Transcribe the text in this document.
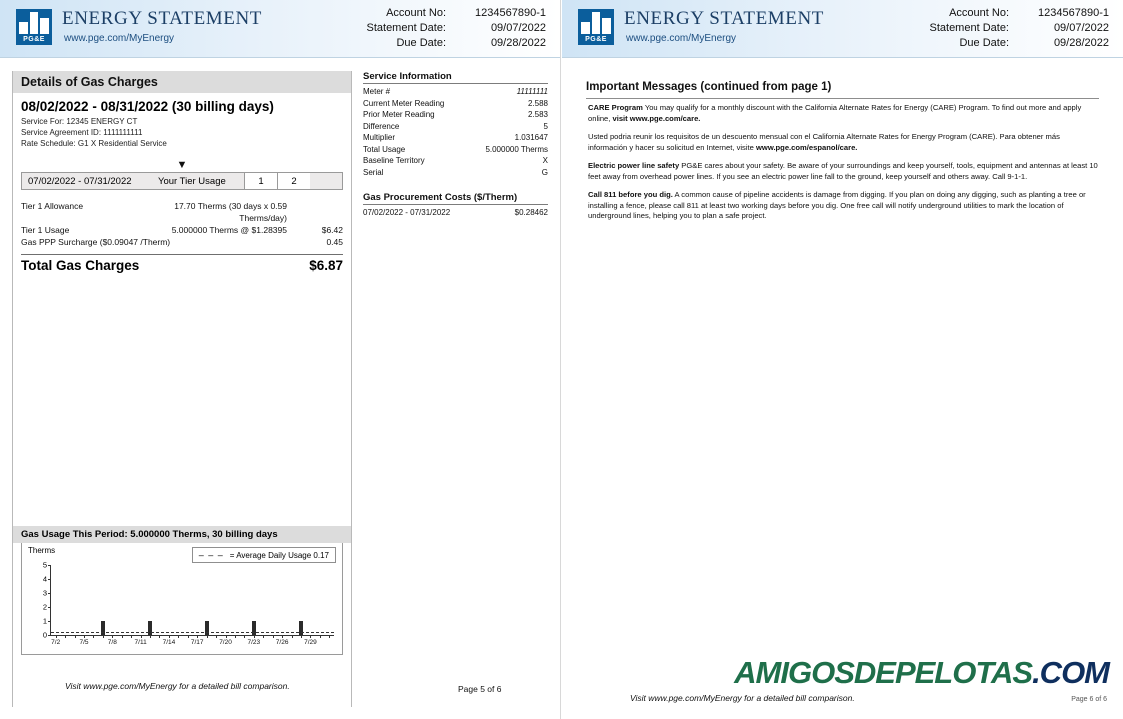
PG&E
ENERGY STATEMENT
www.pge.com/MyEnergy
Account No:	1234567890-1
Statement Date:	09/07/2022
Due Date:	09/28/2022
Details of Gas Charges
08/02/2022 - 08/31/2022 (30 billing days)
Service For: 12345 ENERGY CT
Service Agreement ID: 1111111111
Rate Schedule: G1 X Residential Service
▼
07/02/2022 - 07/31/2022	Your Tier Usage	1	2
Tier 1 Allowance	17.70 Therms (30 days x 0.59 Therms/day)
Tier 1 Usage	5.000000 Therms @ $1.28395	$6.42
Gas PPP Surcharge ($0.09047 /Therm)	0.45
Total Gas Charges	$6.87
Gas Usage This Period: 5.000000 Therms, 30 billing days
Therms	– – – = Average Daily Usage 0.17
0
1
2
3
4
5
7/2	7/5	7/8	7/11 7/14 7/17 7/20 7/23 7/26 7/29
Visit www.pge.com/MyEnergy for a detailed bill comparison.	Page 5 of 6
Service Information
Meter #	11111111
Current Meter Reading	2.588
Prior Meter Reading	2.583
Difference	5
Multiplier	1.031647
Total Usage	5.000000 Therms
Baseline Territory	X
Serial	G
Gas Procurement Costs ($/Therm)
07/02/2022 - 07/31/2022	$0.28462
PG&E
ENERGY STATEMENT
www.pge.com/MyEnergy
Account No:	1234567890-1
Statement Date:	09/07/2022
Due Date:	09/28/2022
Important Messages (continued from page 1)

CARE Program You may qualify for a monthly discount with the California Alternate Rates for Energy (CARE) Program. To find out more and apply online, visit www.pge.com/care.

Usted podria reunir los requisitos de un descuento mensual con el California Alternate Rates for Energy Program (CARE). Para obtener más información y hacer su solicitud en Internet, visite www.pge.com/espanol/care.

Electric power line safety PG&E cares about your safety. Be aware of your surroundings and keep yourself, tools, equipment and antennas at least 10 feet away from overhead power lines. If you see an electric power line fall to the ground, keep yourself and others away. Call 9-1-1.

Call 811 before you dig. A common cause of pipeline accidents is damage from digging. If you plan on doing any digging, such as planting a tree or installing a fence, please call 811 at least two working days before you dig. One free call will notify underground utilities to mark the location of underground lines, helping you to plan a safe project.

Visit www.pge.com/MyEnergy for a detailed bill comparison.
AMIGOSDEPELOTAS.COM
Page 6 of 6
